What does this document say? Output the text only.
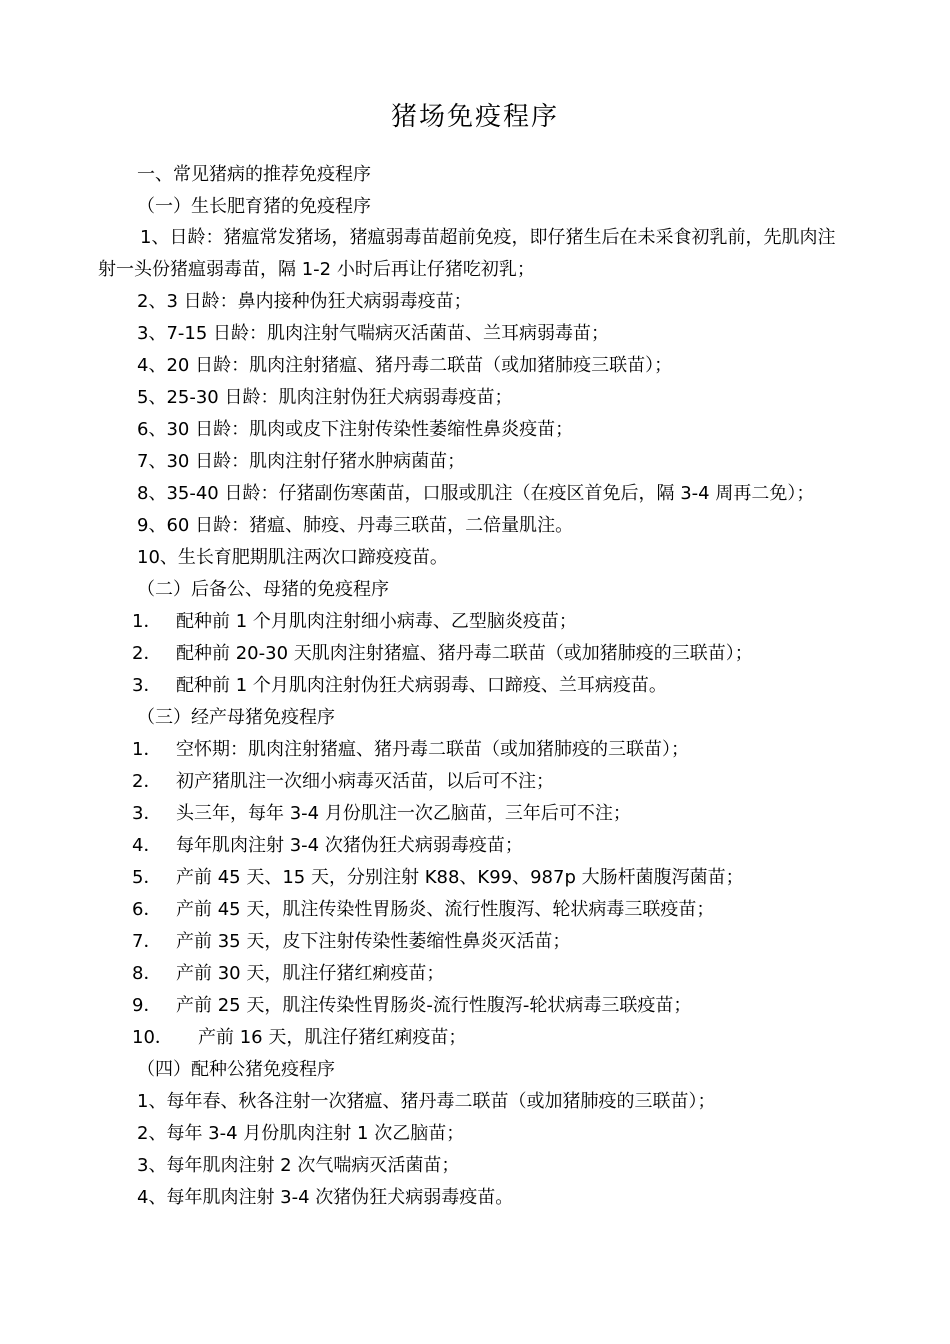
猪场免疫程序
一、常见猪病的推荐免疫程序
（一）生长肥育猪的免疫程序
1、日龄：猪瘟常发猪场，猪瘟弱毒苗超前免疫，即仔猪生后在未采食初乳前，先肌肉注射一头份猪瘟弱毒苗，隔 1-2 小时后再让仔猪吃初乳；
2、3 日龄：鼻内接种伪狂犬病弱毒疫苗；
3、7-15 日龄：肌肉注射气喘病灭活菌苗、兰耳病弱毒苗；
4、20 日龄：肌肉注射猪瘟、猪丹毒二联苗（或加猪肺疫三联苗）；
5、25-30 日龄：肌肉注射伪狂犬病弱毒疫苗；
6、30 日龄：肌肉或皮下注射传染性萎缩性鼻炎疫苗；
7、30 日龄：肌肉注射仔猪水肿病菌苗；
8、35-40 日龄：仔猪副伤寒菌苗，口服或肌注（在疫区首免后，隔 3-4 周再二免）；
9、60 日龄：猪瘟、肺疫、丹毒三联苗，二倍量肌注。
10、生长育肥期肌注两次口蹄疫疫苗。
（二）后备公、母猪的免疫程序
1． 配种前 1 个月肌肉注射细小病毒、乙型脑炎疫苗；
2． 配种前 20-30 天肌肉注射猪瘟、猪丹毒二联苗（或加猪肺疫的三联苗）；
3． 配种前 1 个月肌肉注射伪狂犬病弱毒、口蹄疫、兰耳病疫苗。
（三）经产母猪免疫程序
1． 空怀期：肌肉注射猪瘟、猪丹毒二联苗（或加猪肺疫的三联苗）；
2． 初产猪肌注一次细小病毒灭活苗，以后可不注；
3． 头三年，每年 3-4 月份肌注一次乙脑苗，三年后可不注；
4． 每年肌肉注射 3-4 次猪伪狂犬病弱毒疫苗；
5． 产前 45 天、15 天，分别注射 K88、K99、987p 大肠杆菌腹泻菌苗；
6． 产前 45 天，肌注传染性胃肠炎、流行性腹泻、轮状病毒三联疫苗；
7． 产前 35 天，皮下注射传染性萎缩性鼻炎灭活苗；
8． 产前 30 天，肌注仔猪红痢疫苗；
9． 产前 25 天，肌注传染性胃肠炎-流行性腹泻-轮状病毒三联疫苗；
10． 产前 16 天，肌注仔猪红痢疫苗；
（四）配种公猪免疫程序
1、每年春、秋各注射一次猪瘟、猪丹毒二联苗（或加猪肺疫的三联苗）；
2、每年 3-4 月份肌肉注射 1 次乙脑苗；
3、每年肌肉注射 2 次气喘病灭活菌苗；
4、每年肌肉注射 3-4 次猪伪狂犬病弱毒疫苗。
